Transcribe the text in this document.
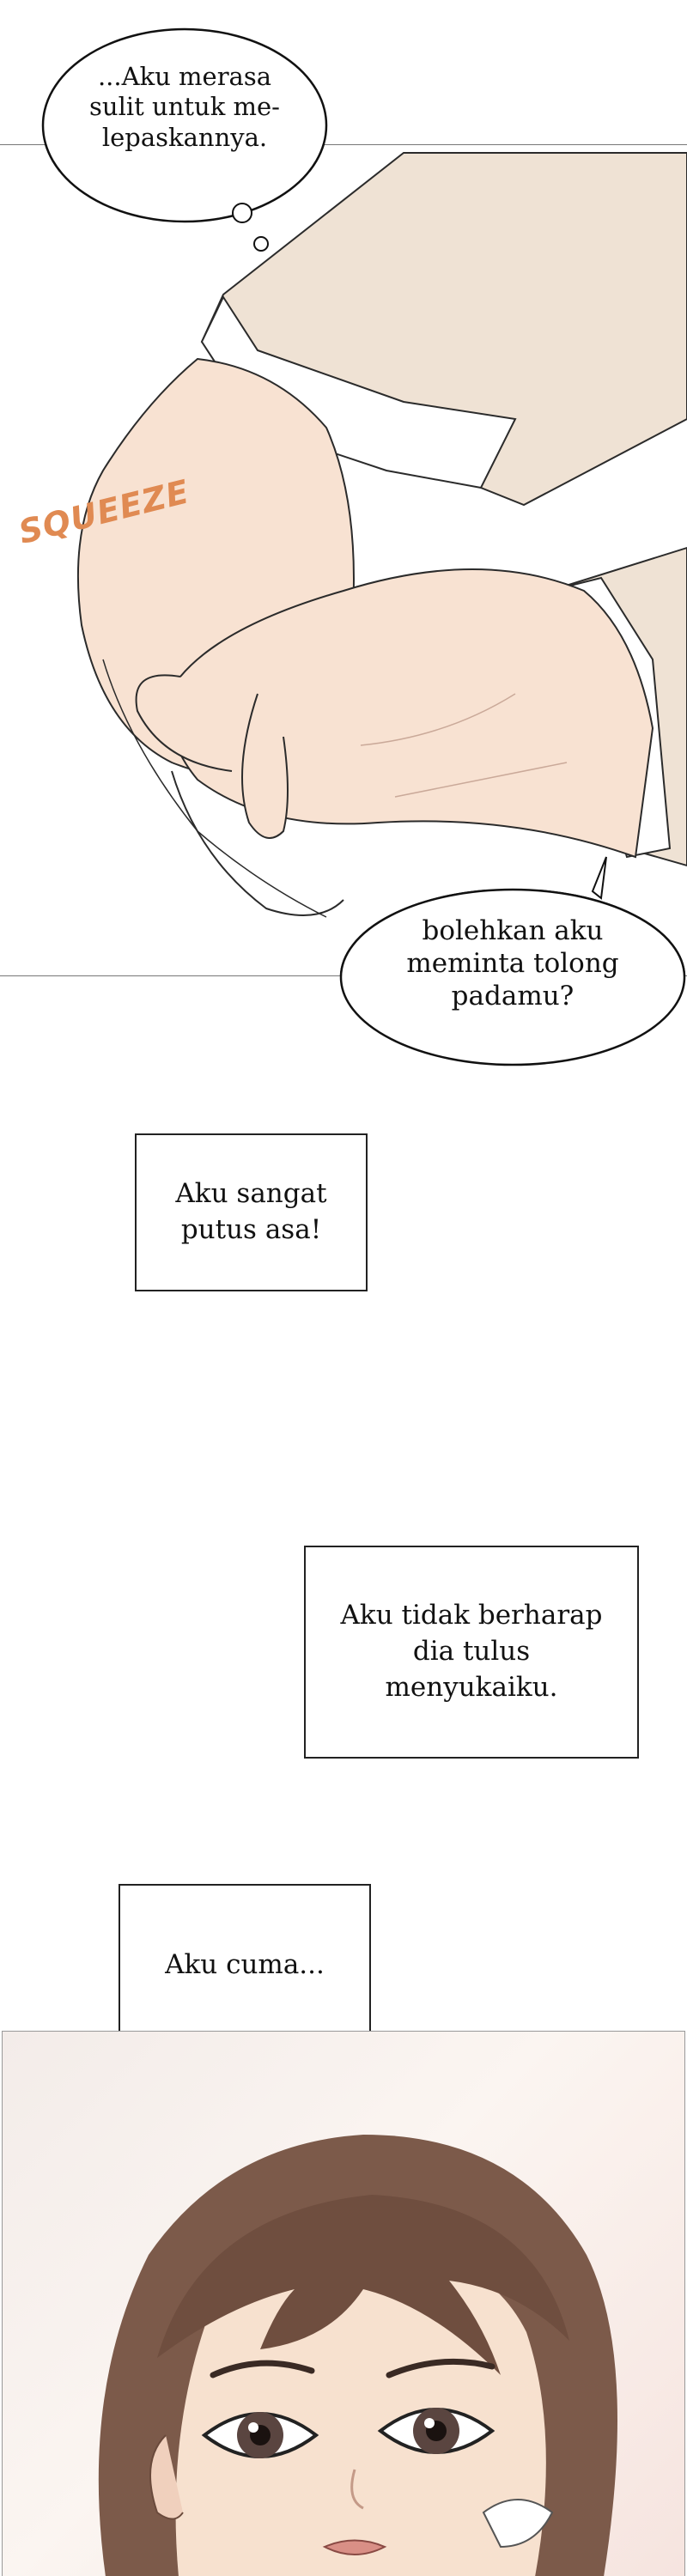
...Aku merasa sulit untuk me-lepaskannya.
SQUEEZE
bolehkan aku meminta tolong padamu?
Aku sangat putus asa!
Aku tidak berharap dia tulus menyukaiku.
Aku cuma...
